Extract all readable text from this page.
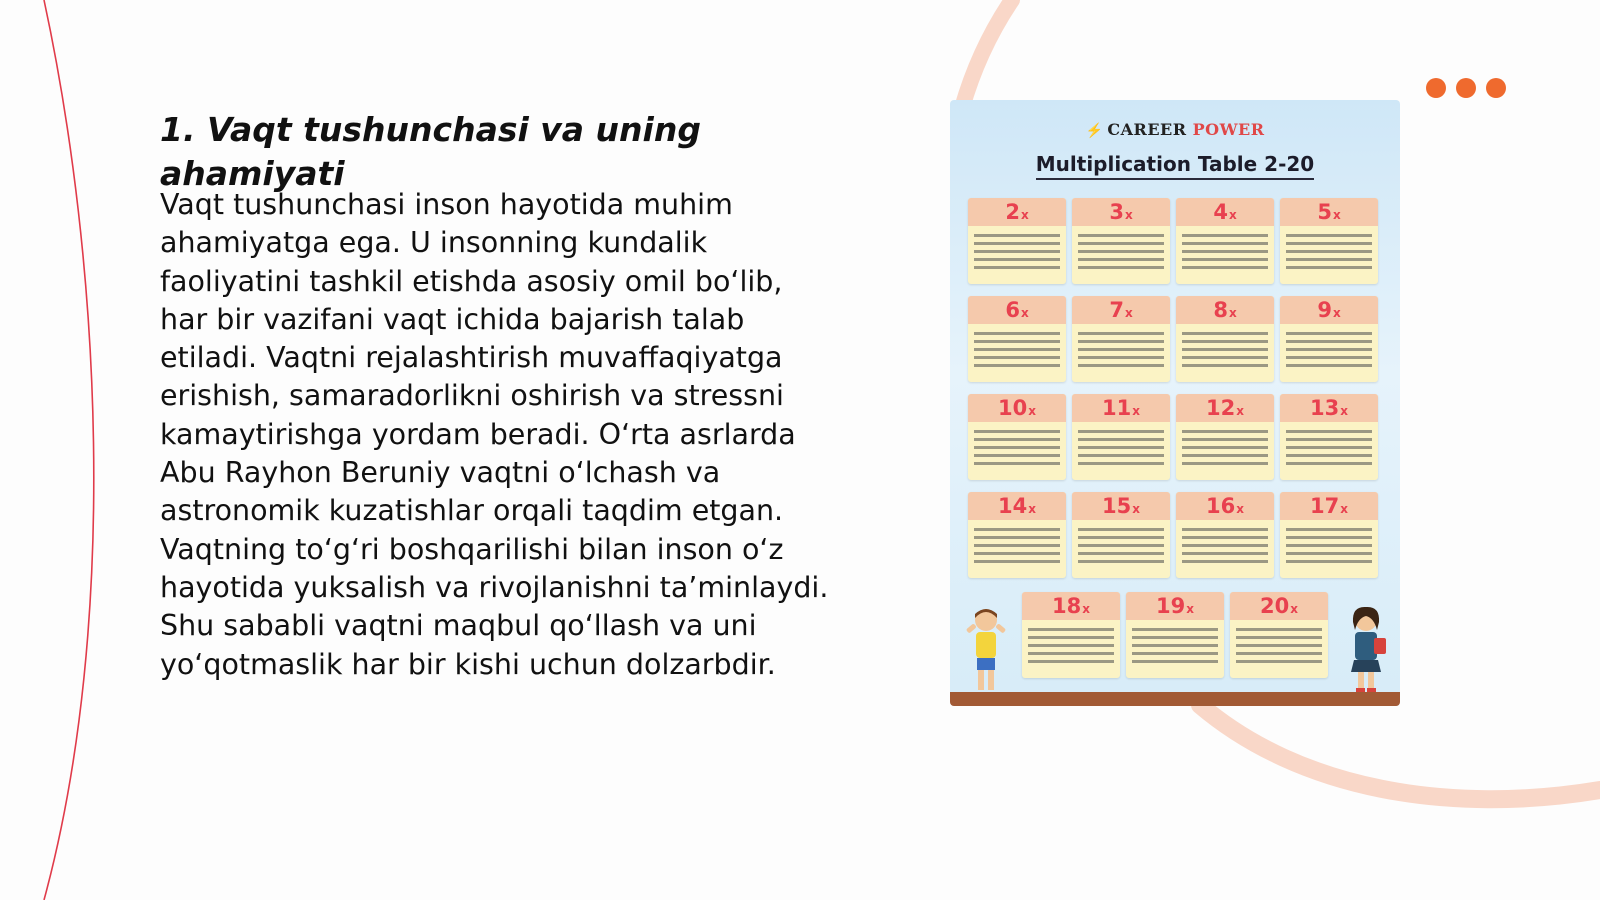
1. Vaqt tushunchasi va uning ahamiyati

Vaqt tushunchasi inson hayotida muhim ahamiyatga ega. U insonning kundalik faoliyatini tashkil etishda asosiy omil bo‘lib, har bir vazifani vaqt ichida bajarish talab etiladi. Vaqtni rejalashtirish muvaffaqiyatga erishish, samaradorlikni oshirish va stressni kamaytirishga yordam beradi. O‘rta asrlarda Abu Rayhon Beruniy vaqtni o‘lchash va astronomik kuzatishlar orqali taqdim etgan. Vaqtning to‘g‘ri boshqarilishi bilan inson o‘z hayotida yuksalish va rivojlanishni ta’minlaydi. Shu sababli vaqtni maqbul qo‘llash va uni yo‘qotmaslik har bir kishi uchun dolzarbdir.

⚡ CAREER POWER
Multiplication Table 2-20
2x	3x	4x	5x
6x	7x	8x	9x
10x	11x	12x	13x
14x	15x	16x	17x
18x	19x	20x
